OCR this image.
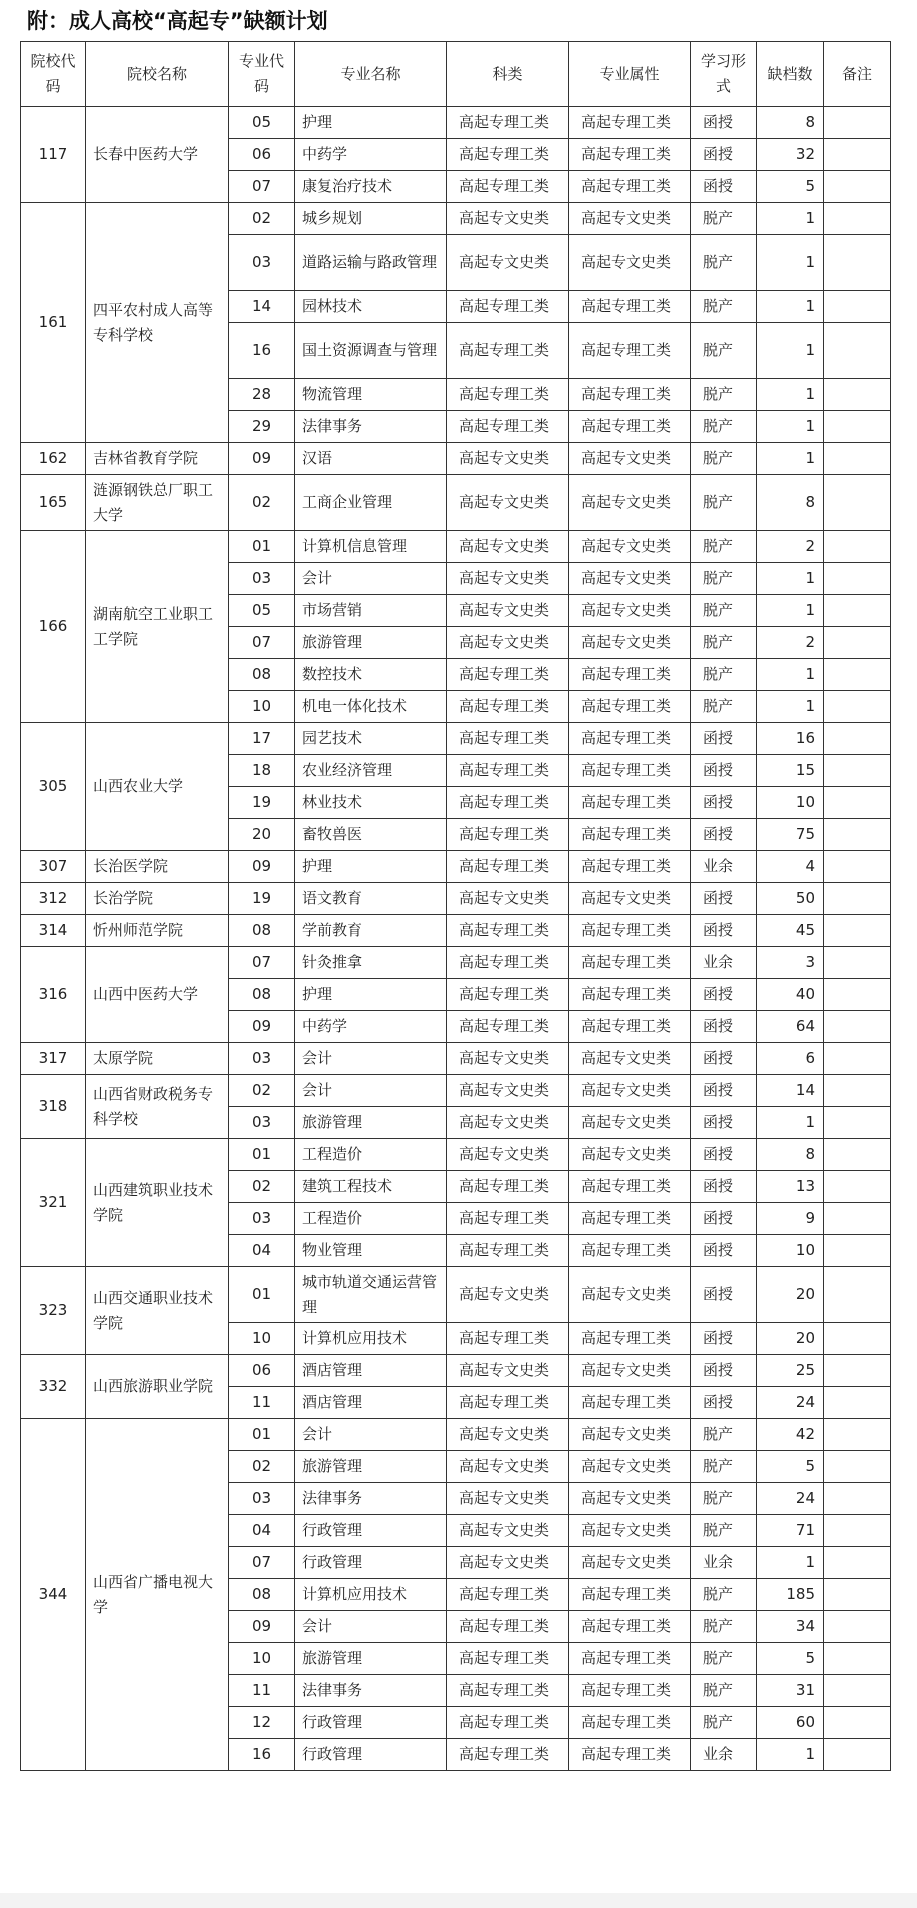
附：成人高校“高起专”缺额计划
院校代码	院校名称	专业代码	专业名称	科类	专业属性	学习形式	缺档数	备注
117	长春中医药大学	05	护理	高起专理工类	高起专理工类	函授	8	
		06	中药学	高起专理工类	高起专理工类	函授	32	
		07	康复治疗技术	高起专理工类	高起专理工类	函授	5	
161	四平农村成人高等专科学校	02	城乡规划	高起专文史类	高起专文史类	脱产	1	
		03	道路运输与路政管理	高起专文史类	高起专文史类	脱产	1	
		14	园林技术	高起专理工类	高起专理工类	脱产	1	
		16	国土资源调查与管理	高起专理工类	高起专理工类	脱产	1	
		28	物流管理	高起专理工类	高起专理工类	脱产	1	
		29	法律事务	高起专理工类	高起专理工类	脱产	1	
162	吉林省教育学院	09	汉语	高起专文史类	高起专文史类	脱产	1	
165	涟源钢铁总厂职工大学	02	工商企业管理	高起专文史类	高起专文史类	脱产	8	
166	湖南航空工业职工工学院	01	计算机信息管理	高起专文史类	高起专文史类	脱产	2	
		03	会计	高起专文史类	高起专文史类	脱产	1	
		05	市场营销	高起专文史类	高起专文史类	脱产	1	
		07	旅游管理	高起专文史类	高起专文史类	脱产	2	
		08	数控技术	高起专理工类	高起专理工类	脱产	1	
		10	机电一体化技术	高起专理工类	高起专理工类	脱产	1	
305	山西农业大学	17	园艺技术	高起专理工类	高起专理工类	函授	16	
		18	农业经济管理	高起专理工类	高起专理工类	函授	15	
		19	林业技术	高起专理工类	高起专理工类	函授	10	
		20	畜牧兽医	高起专理工类	高起专理工类	函授	75	
307	长治医学院	09	护理	高起专理工类	高起专理工类	业余	4	
312	长治学院	19	语文教育	高起专文史类	高起专文史类	函授	50	
314	忻州师范学院	08	学前教育	高起专理工类	高起专理工类	函授	45	
316	山西中医药大学	07	针灸推拿	高起专理工类	高起专理工类	业余	3	
		08	护理	高起专理工类	高起专理工类	函授	40	
		09	中药学	高起专理工类	高起专理工类	函授	64	
317	太原学院	03	会计	高起专文史类	高起专文史类	函授	6	
318	山西省财政税务专科学校	02	会计	高起专文史类	高起专文史类	函授	14	
		03	旅游管理	高起专文史类	高起专文史类	函授	1	
321	山西建筑职业技术学院	01	工程造价	高起专文史类	高起专文史类	函授	8	
		02	建筑工程技术	高起专理工类	高起专理工类	函授	13	
		03	工程造价	高起专理工类	高起专理工类	函授	9	
		04	物业管理	高起专理工类	高起专理工类	函授	10	
323	山西交通职业技术学院	01	城市轨道交通运营管理	高起专文史类	高起专文史类	函授	20	
		10	计算机应用技术	高起专理工类	高起专理工类	函授	20	
332	山西旅游职业学院	06	酒店管理	高起专文史类	高起专文史类	函授	25	
		11	酒店管理	高起专理工类	高起专理工类	函授	24	
344	山西省广播电视大学	01	会计	高起专文史类	高起专文史类	脱产	42	
		02	旅游管理	高起专文史类	高起专文史类	脱产	5	
		03	法律事务	高起专文史类	高起专文史类	脱产	24	
		04	行政管理	高起专文史类	高起专文史类	脱产	71	
		07	行政管理	高起专文史类	高起专文史类	业余	1	
		08	计算机应用技术	高起专理工类	高起专理工类	脱产	185	
		09	会计	高起专理工类	高起专理工类	脱产	34	
		10	旅游管理	高起专理工类	高起专理工类	脱产	5	
		11	法律事务	高起专理工类	高起专理工类	脱产	31	
		12	行政管理	高起专理工类	高起专理工类	脱产	60	
		16	行政管理	高起专理工类	高起专理工类	业余	1	
